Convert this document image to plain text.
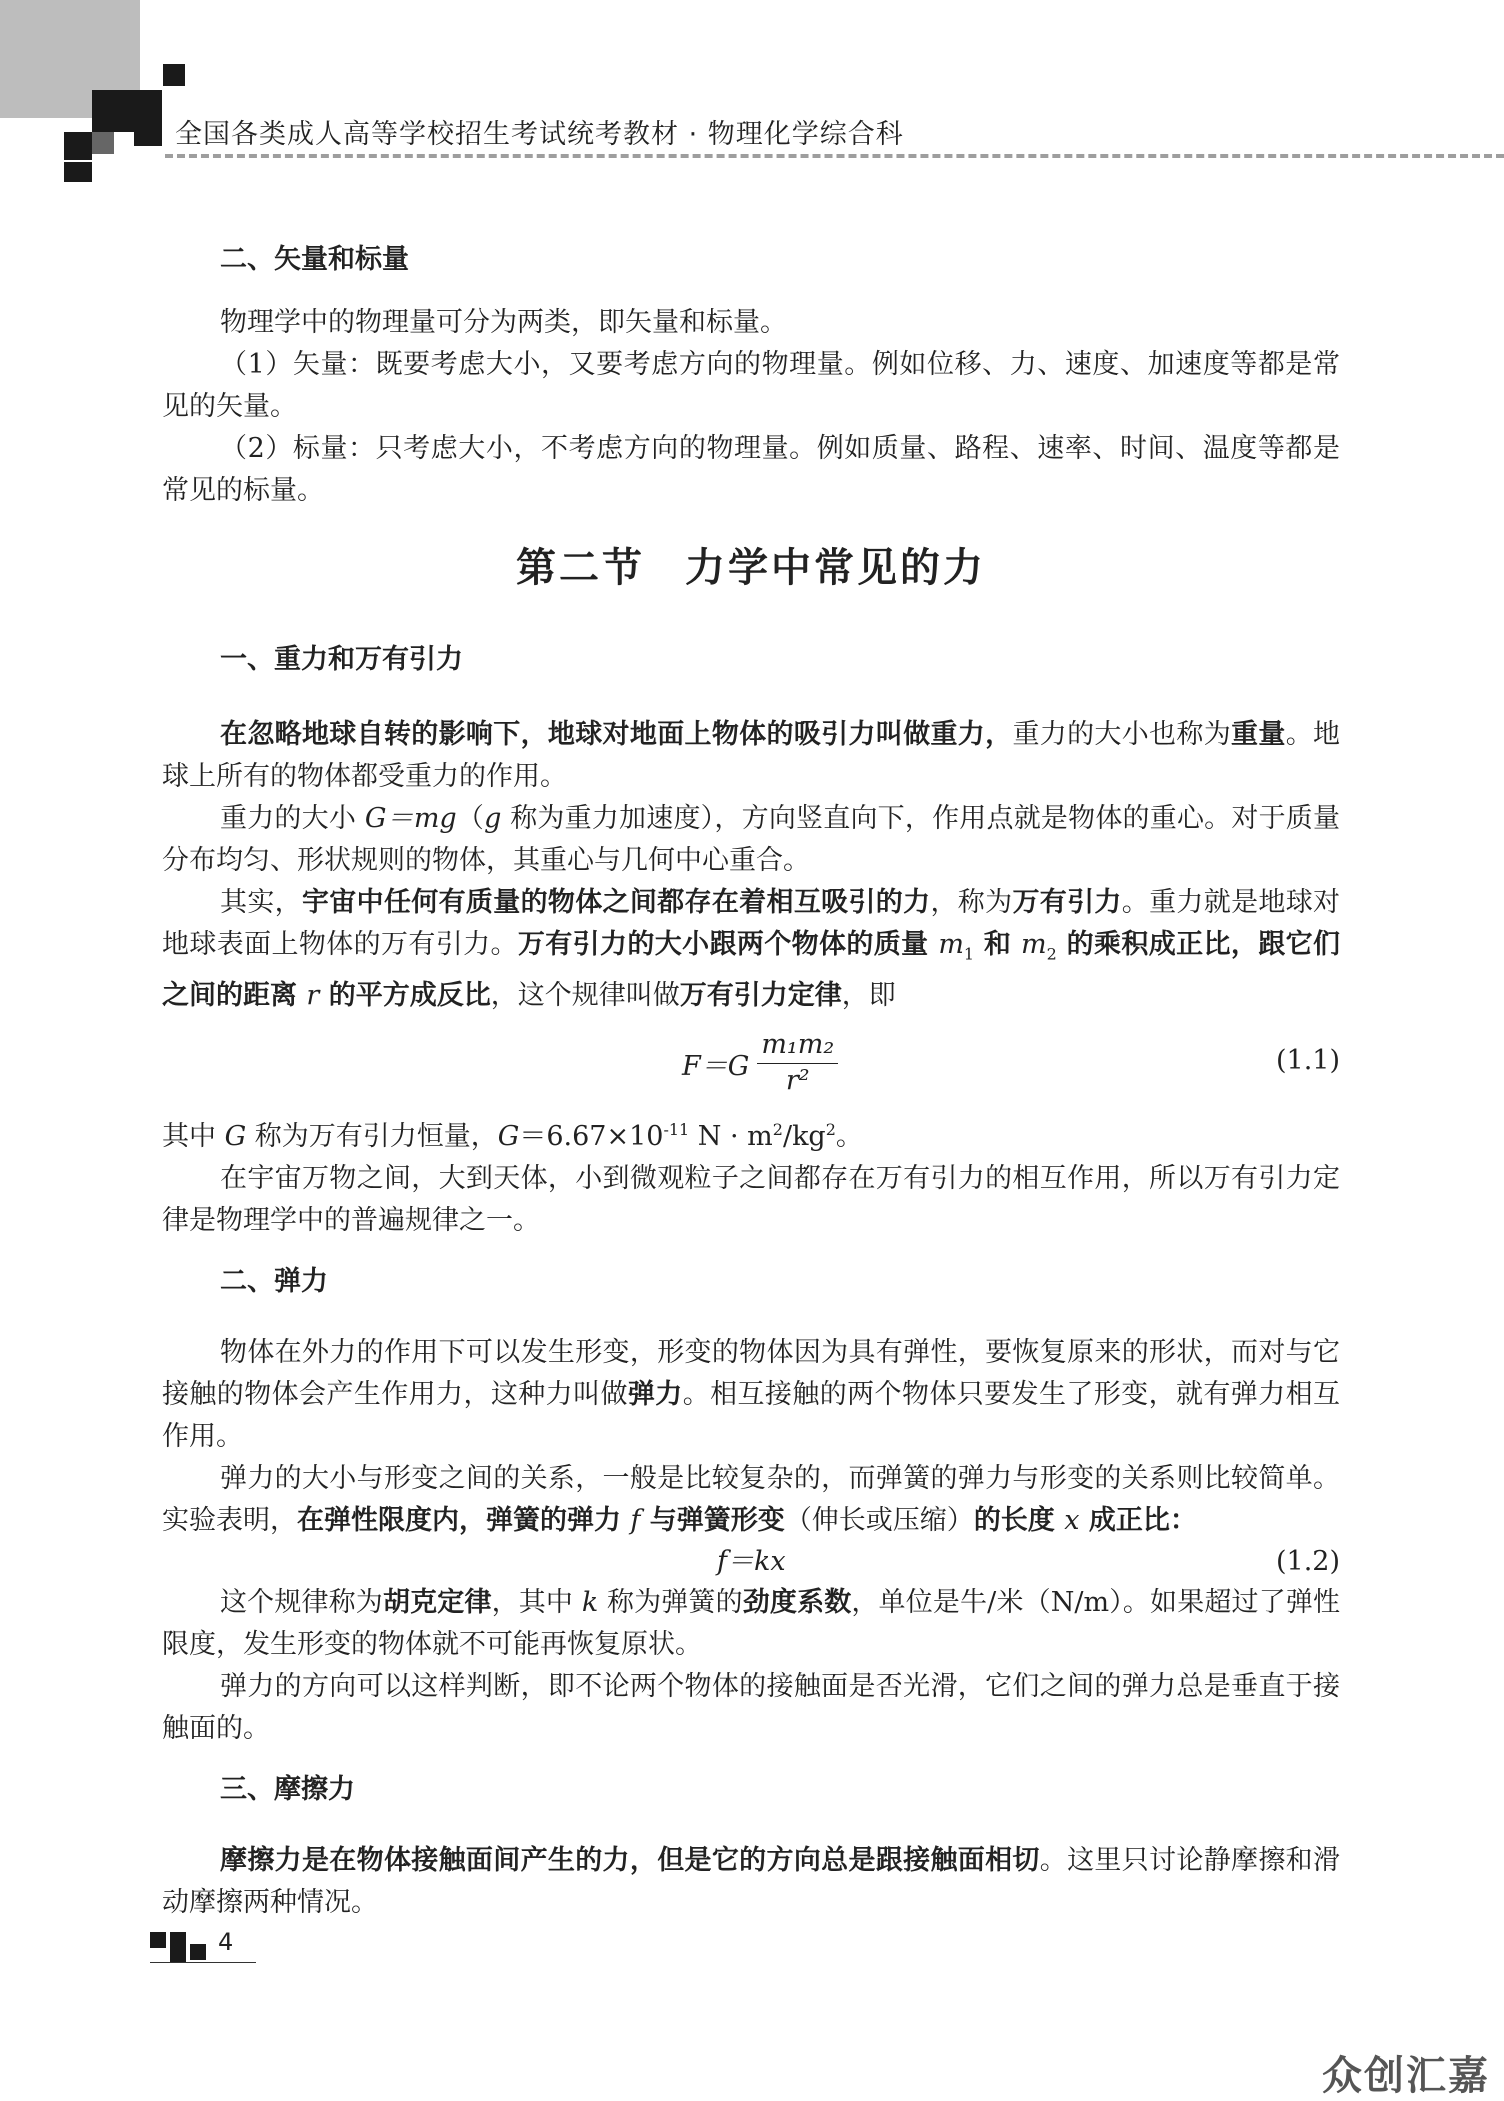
全国各类成人高等学校招生考试统考教材 · 物理化学综合科
二、矢量和标量

物理学中的物理量可分为两类，即矢量和标量。

（1）矢量：既要考虑大小，又要考虑方向的物理量。例如位移、力、速度、加速度等都是常见的矢量。

（2）标量：只考虑大小，不考虑方向的物理量。例如质量、路程、速率、时间、温度等都是常见的标量。

第二节 力学中常见的力
一、重力和万有引力

在忽略地球自转的影响下，地球对地面上物体的吸引力叫做重力，重力的大小也称为重量。地球上所有的物体都受重力的作用。

重力的大小 G＝mg（g 称为重力加速度），方向竖直向下，作用点就是物体的重心。对于质量分布均匀、形状规则的物体，其重心与几何中心重合。

其实，宇宙中任何有质量的物体之间都存在着相互吸引的力，称为万有引力。重力就是地球对地球表面上物体的万有引力。万有引力的大小跟两个物体的质量 $m_1$ 和 $m_2$ 的乘积成正比，跟它们之间的距离 r 的平方成反比，这个规律叫做万有引力定律，即

$F=G \frac{\text{m₁m₂}}{\text{r²}}$	(1.1)

其中 G 称为万有引力恒量，$G=6.67\times 10^{-11}$ $N \cdot m^2/kg^2$。

在宇宙万物之间，大到天体，小到微观粒子之间都存在万有引力的相互作用，所以万有引力定律是物理学中的普遍规律之一。

二、弹力

物体在外力的作用下可以发生形变，形变的物体因为具有弹性，要恢复原来的形状，而对与它接触的物体会产生作用力，这种力叫做弹力。相互接触的两个物体只要发生了形变，就有弹力相互作用。

弹力的大小与形变之间的关系，一般是比较复杂的，而弹簧的弹力与形变的关系则比较简单。实验表明，在弹性限度内，弹簧的弹力 f 与弹簧形变（伸长或压缩）的长度 x 成正比：

f＝kx	(1.2)

这个规律称为胡克定律，其中 k 称为弹簧的劲度系数，单位是牛/米（N/m）。如果超过了弹性限度，发生形变的物体就不可能再恢复原状。

弹力的方向可以这样判断，即不论两个物体的接触面是否光滑，它们之间的弹力总是垂直于接触面的。

三、摩擦力

摩擦力是在物体接触面间产生的力，但是它的方向总是跟接触面相切。这里只讨论静摩擦和滑动摩擦两种情况。

4
众创汇嘉
